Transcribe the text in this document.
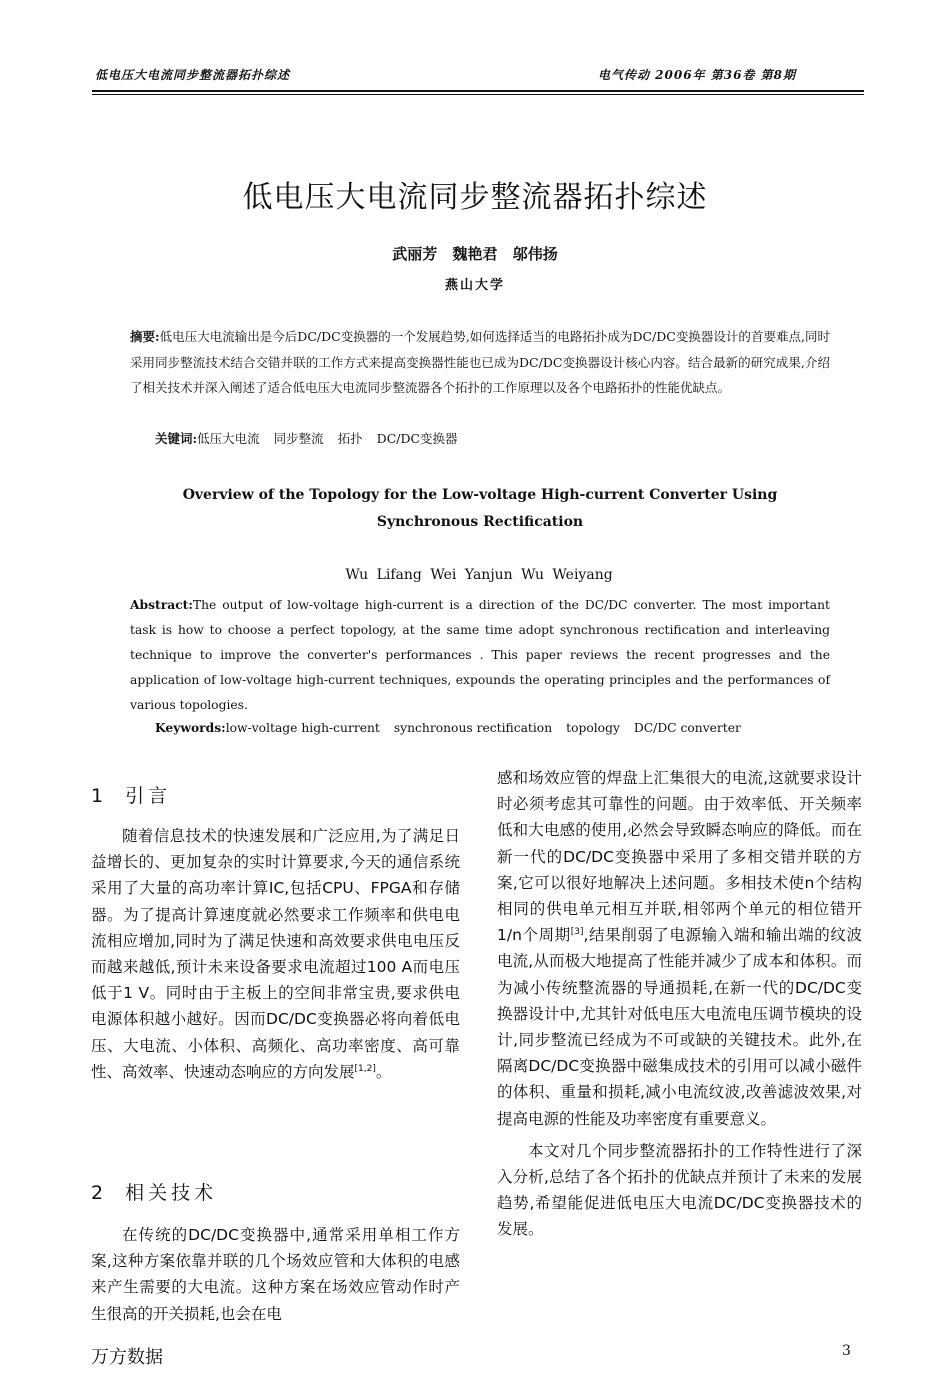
低电压大电流同步整流器拓扑综述	电气传动 2006年 第36卷 第8期
低电压大电流同步整流器拓扑综述
武丽芳 魏艳君 邬伟扬
燕山大学
摘要:低电压大电流输出是今后DC/DC变换器的一个发展趋势,如何选择适当的电路拓扑成为DC/DC变换器设计的首要难点,同时采用同步整流技术结合交错并联的工作方式来提高变换器性能也已成为DC/DC变换器设计核心内容。结合最新的研究成果,介绍了相关技术并深入阐述了适合低电压大电流同步整流器各个拓扑的工作原理以及各个电路拓扑的性能优缺点。
关键词:低压大电流 同步整流 拓扑 DC/DC变换器
Overview of the Topology for the Low-voltage High-current Converter Using Synchronous Rectification
Wu Lifang Wei Yanjun Wu Weiyang
Abstract:The output of low-voltage high-current is a direction of the DC/DC converter. The most important task is how to choose a perfect topology, at the same time adopt synchronous rectification and interleaving technique to improve the converter's performances . This paper reviews the recent progresses and the application of low-voltage high-current techniques, expounds the operating principles and the performances of various topologies.
Keywords:low-voltage high-current synchronous rectification topology DC/DC converter
1 引言

随着信息技术的快速发展和广泛应用,为了满足日益增长的、更加复杂的实时计算要求,今天的通信系统采用了大量的高功率计算IC,包括CPU、FPGA和存储器。为了提高计算速度就必然要求工作频率和供电电流相应增加,同时为了满足快速和高效要求供电电压反而越来越低,预计未来设备要求电流超过100 A而电压低于1 V。同时由于主板上的空间非常宝贵,要求供电电源体积越小越好。因而DC/DC变换器必将向着低电压、大电流、小体积、高频化、高功率密度、高可靠性、高效率、快速动态响应的方向发展[1,2]。

2 相关技术

在传统的DC/DC变换器中,通常采用单相工作方案,这种方案依靠并联的几个场效应管和大体积的电感来产生需要的大电流。这种方案在场效应管动作时产生很高的开关损耗,也会在电

感和场效应管的焊盘上汇集很大的电流,这就要求设计时必须考虑其可靠性的问题。由于效率低、开关频率低和大电感的使用,必然会导致瞬态响应的降低。而在新一代的DC/DC变换器中采用了多相交错并联的方案,它可以很好地解决上述问题。多相技术使n个结构相同的供电单元相互并联,相邻两个单元的相位错开1/n个周期[3],结果削弱了电源输入端和输出端的纹波电流,从而极大地提高了性能并减少了成本和体积。而为减小传统整流器的导通损耗,在新一代的DC/DC变换器设计中,尤其针对低电压大电流电压调节模块的设计,同步整流已经成为不可或缺的关键技术。此外,在隔离DC/DC变换器中磁集成技术的引用可以减小磁件的体积、重量和损耗,减小电流纹波,改善滤波效果,对提高电源的性能及功率密度有重要意义。

本文对几个同步整流器拓扑的工作特性进行了深入分析,总结了各个拓扑的优缺点并预计了未来的发展趋势,希望能促进低电压大电流DC/DC变换器技术的发展。

万方数据	3
